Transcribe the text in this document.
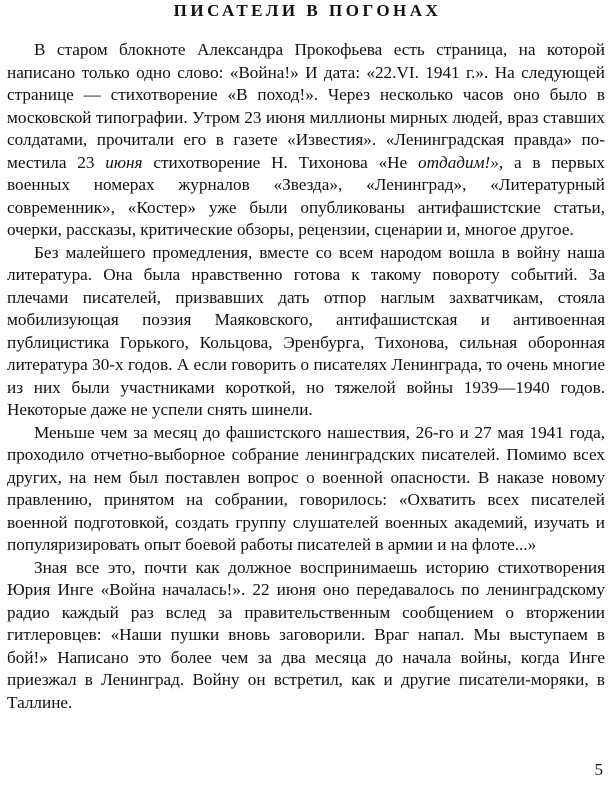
ПИСАТЕЛИ В ПОГОНАХ

В старом блокноте Александра Прокофьева есть страница, на которой написано только одно слово: «Война!» И дата: «22.VI. 1941 г.». На следующей странице — стихотворение «В поход!». Через несколько часов оно было в московской типографии. Утром 23 июня миллионы мирных людей, враз ставших солдатами, прочитали его в газете «Известия». «Ленинградская правда» поместила 23 июня стихотворение Н. Тихонова «Не отдадим!», а в первых военных номерах журналов «Звезда», «Ленинград», «Литературный современник», «Костер» уже были опубликованы антифашистские статьи, очерки, рассказы, критические обзоры, рецензии, сценарии и, многое другое.

Без малейшего промедления, вместе со всем народом вошла в войну наша литература. Она была нравственно готова к такому повороту событий. За плечами писателей, призвавших дать отпор наглым захватчикам, стояла мобилизующая поэзия Маяковского, антифашистская и антивоенная публицистика Горького, Кольцова, Эренбурга, Тихонова, сильная оборонная литература 30-х годов. А если говорить о писателях Ленинграда, то очень многие из них были участниками короткой, но тяжелой войны 1939—1940 годов. Некоторые даже не успели снять шинели.

Меньше чем за месяц до фашистского нашествия, 26-го и 27 мая 1941 года, проходило отчетно-выборное собрание ленинградских писателей. Помимо всех других, на нем был поставлен вопрос о военной опасности. В наказе новому правлению, принятом на собрании, говорилось: «Охватить всех писателей военной подготовкой, создать группу слушателей военных академий, изучать и популяризировать опыт боевой работы писателей в армии и на флоте...»

Зная все это, почти как должное воспринимаешь историю стихотворения Юрия Инге «Война началась!». 22 июня оно передавалось по ленинградскому радио каждый раз вслед за правительственным сообщением о вторжении гитлеровцев: «Наши пушки вновь заговорили. Враг напал. Мы выступаем в бой!» Написано это более чем за два месяца до начала войны, когда Инге приезжал в Ленинград. Войну он встретил, как и другие писатели-моряки, в Таллине.

5
